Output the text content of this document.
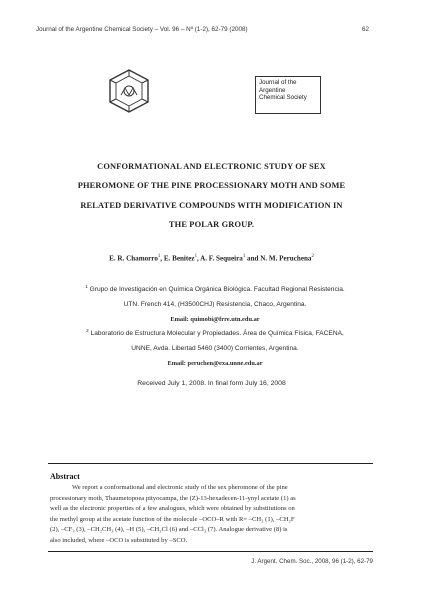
Journal of the Argentine Chemical Society – Vol. 96 – Nº (1-2), 62-79 (2008)	62
Journal of the
Argentine
Chemical Society
CONFORMATIONAL AND ELECTRONIC STUDY OF SEX
PHEROMONE OF THE PINE PROCESSIONARY MOTH AND SOME
RELATED DERIVATIVE COMPOUNDS WITH MODIFICATION IN
THE POLAR GROUP.
E. R. Chamorro$^1$, E. Benitez$^1$, A. F. Sequeira$^1$ and N. M. Peruchena$^2$
$^1$ Grupo de Investigación en Química Orgánica Biológica. Facultad Regional Resistencia.
UTN. French 414, (H3500CHJ) Resistencia, Chaco, Argentina.
Email: quimobi@frre.utn.edu.ar
$^2$ Laboratorio de Estructura Molecular y Propiedades. Área de Química Física, FACENA,
UNNE, Avda. Libertad 5460 (3400) Corrientes, Argentina.
Email: peruchen@exa.unne.edu.ar
Received July 1, 2008. In final form July 16, 2008
Abstract
We report a conformational and electronic study of the sex pheromone of the pine
processionary moth, Thaumetopoea pityocampa, the (Z)-13-hexadecen-11-ynyl acetate (1) as
well as the electronic properties of a few analogues, which were obtained by substitutions on
the methyl group at the acetate function of the molecule –OCO–R with R= –CH₃ (1), –CH₂F
(2), –CF₃ (3), –CH₂CH₃ (4), –H (5), –CH₂Cl (6) and –CCl₃ (7). Analogue derivative (8) is
also included, where –OCO is substituted by –SCO.
J. Argent. Chem. Soc., 2008, 96 (1-2), 62-79
